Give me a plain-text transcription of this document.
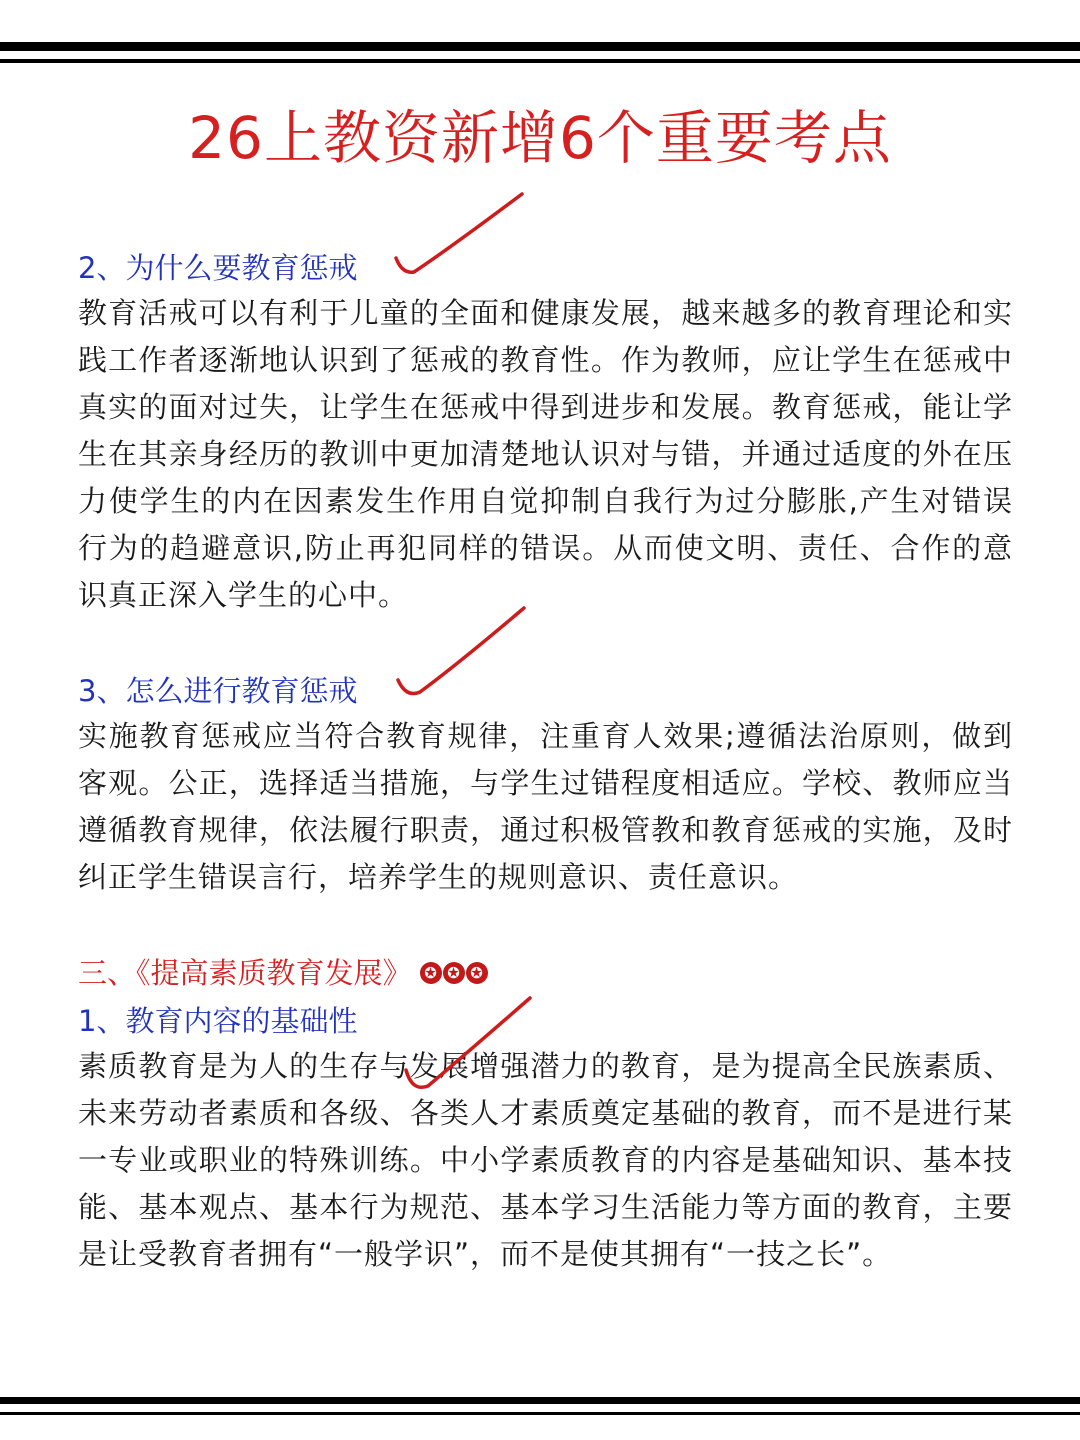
26上教资新增6个重要考点
2、为什么要教育惩戒
教育活戒可以有利于儿童的全面和健康发展，越来越多的教育理论和实践工作者逐渐地认识到了惩戒的教育性。作为教师，应让学生在惩戒中真实的面对过失，让学生在惩戒中得到进步和发展。教育惩戒，能让学生在其亲身经历的教训中更加清楚地认识对与错，并通过适度的外在压力使学生的内在因素发生作用自觉抑制自我行为过分膨胀,产生对错误行为的趋避意识,防止再犯同样的错误。从而使文明、责任、合作的意识真正深入学生的心中。
3、怎么进行教育惩戒
实施教育惩戒应当符合教育规律，注重育人效果;遵循法治原则，做到客观。公正，选择适当措施，与学生过错程度相适应。学校、教师应当遵循教育规律，依法履行职责，通过积极管教和教育惩戒的实施，及时纠正学生错误言行，培养学生的规则意识、责任意识。
三、《提高素质教育发展》 ✪ ✪ ✪
1、教育内容的基础性
素质教育是为人的生存与发展增强潜力的教育，是为提高全民族素质、未来劳动者素质和各级、各类人才素质奠定基础的教育，而不是进行某一专业或职业的特殊训练。中小学素质教育的内容是基础知识、基本技能、基本观点、基本行为规范、基本学习生活能力等方面的教育，主要是让受教育者拥有“一般学识”，而不是使其拥有“一技之长”。
